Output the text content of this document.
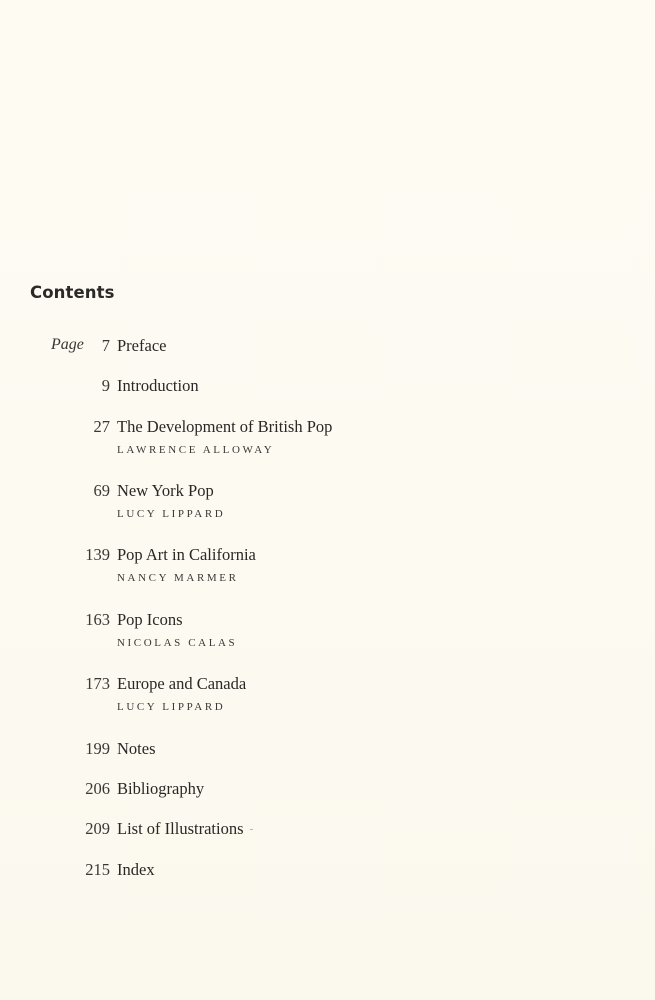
Contents
Page	7 Preface
9 Introduction
27 The Development of British Pop
LAWRENCE ALLOWAY
69 New York Pop
LUCY LIPPARD
139 Pop Art in California
NANCY MARMER
163 Pop Icons
NICOLAS CALAS
173 Europe and Canada
LUCY LIPPARD
199 Notes
206 Bibliography
209 List of Illustrations
215 Index
